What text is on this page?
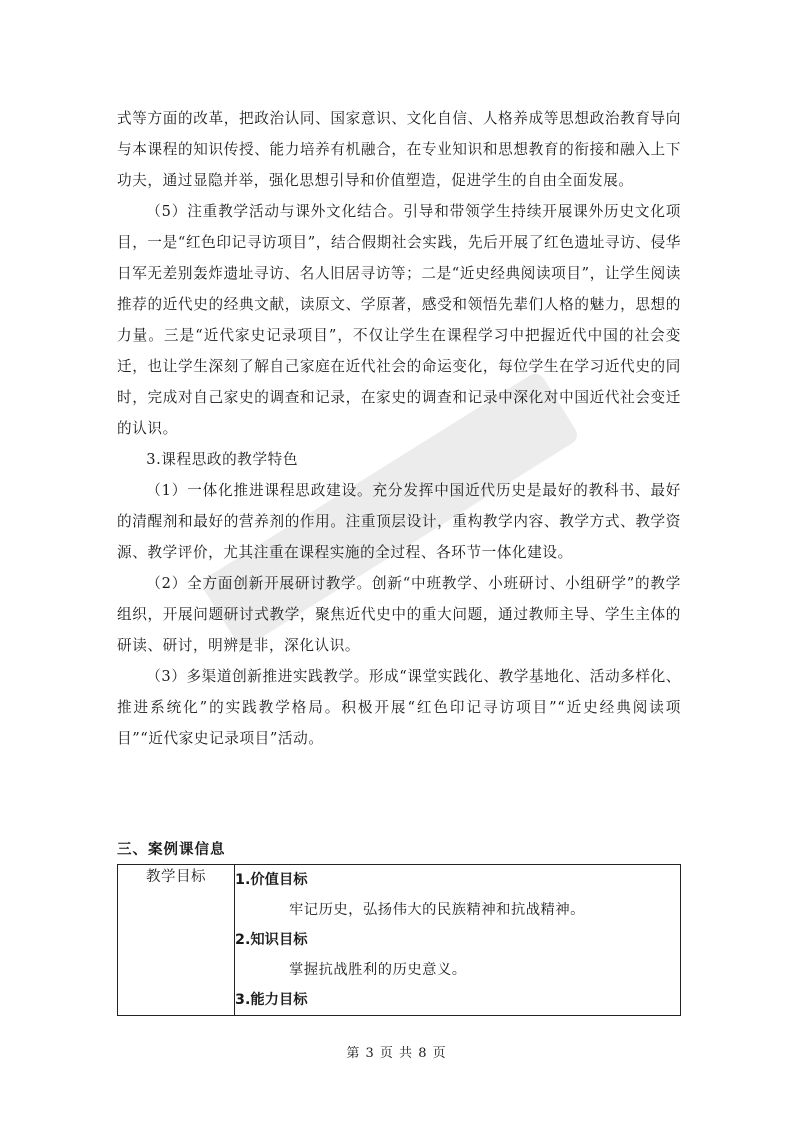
式等方面的改革，把政治认同、国家意识、文化自信、人格养成等思想政治教育导向与本课程的知识传授、能力培养有机融合，在专业知识和思想教育的衔接和融入上下功夫，通过显隐并举，强化思想引导和价值塑造，促进学生的自由全面发展。

（5）注重教学活动与课外文化结合。引导和带领学生持续开展课外历史文化项目，一是“红色印记寻访项目”，结合假期社会实践，先后开展了红色遗址寻访、侵华日军无差别轰炸遗址寻访、名人旧居寻访等；二是“近史经典阅读项目”，让学生阅读推荐的近代史的经典文献，读原文、学原著，感受和领悟先辈们人格的魅力，思想的力量。三是“近代家史记录项目”，不仅让学生在课程学习中把握近代中国的社会变迁，也让学生深刻了解自己家庭在近代社会的命运变化，每位学生在学习近代史的同时，完成对自己家史的调查和记录，在家史的调查和记录中深化对中国近代社会变迁的认识。

3.课程思政的教学特色

（1）一体化推进课程思政建设。充分发挥中国近代历史是最好的教科书、最好的清醒剂和最好的营养剂的作用。注重顶层设计，重构教学内容、教学方式、教学资源、教学评价，尤其注重在课程实施的全过程、各环节一体化建设。

（2）全方面创新开展研讨教学。创新“中班教学、小班研讨、小组研学”的教学组织，开展问题研讨式教学，聚焦近代史中的重大问题，通过教师主导、学生主体的研读、研讨，明辨是非，深化认识。

（3）多渠道创新推进实践教学。形成“课堂实践化、教学基地化、活动多样化、推进系统化”的实践教学格局。积极开展“红色印记寻访项目”“近史经典阅读项目”“近代家史记录项目”活动。

三、案例课信息
教学目标	1.价值目标
牢记历史，弘扬伟大的民族精神和抗战精神。
2.知识目标
掌握抗战胜利的历史意义。
3.能力目标
第 3 页 共 8 页
